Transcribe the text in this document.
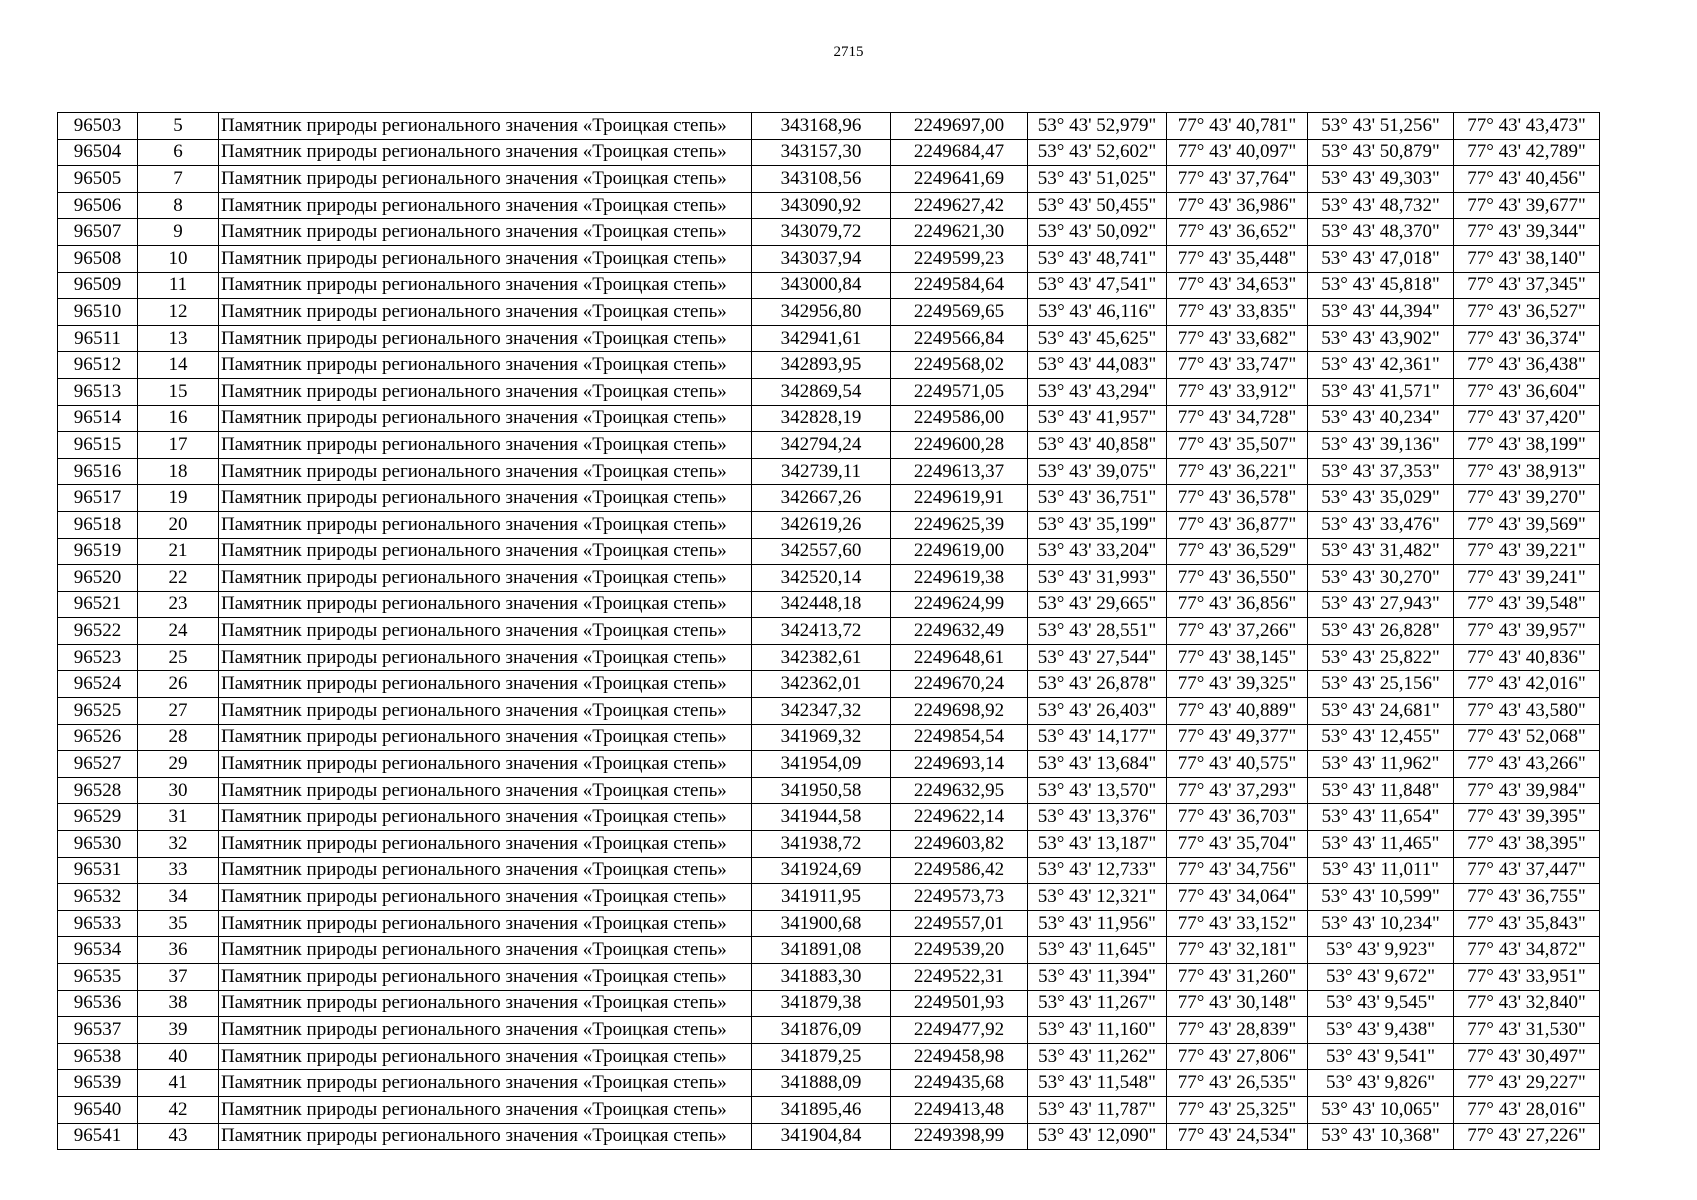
2715
96503	5	Памятник природы регионального значения «Троицкая степь»	343168,96	2249697,00	53° 43' 52,979"	77° 43' 40,781"	53° 43' 51,256"	77° 43' 43,473"
96504	6	Памятник природы регионального значения «Троицкая степь»	343157,30	2249684,47	53° 43' 52,602"	77° 43' 40,097"	53° 43' 50,879"	77° 43' 42,789"
96505	7	Памятник природы регионального значения «Троицкая степь»	343108,56	2249641,69	53° 43' 51,025"	77° 43' 37,764"	53° 43' 49,303"	77° 43' 40,456"
96506	8	Памятник природы регионального значения «Троицкая степь»	343090,92	2249627,42	53° 43' 50,455"	77° 43' 36,986"	53° 43' 48,732"	77° 43' 39,677"
96507	9	Памятник природы регионального значения «Троицкая степь»	343079,72	2249621,30	53° 43' 50,092"	77° 43' 36,652"	53° 43' 48,370"	77° 43' 39,344"
96508	10	Памятник природы регионального значения «Троицкая степь»	343037,94	2249599,23	53° 43' 48,741"	77° 43' 35,448"	53° 43' 47,018"	77° 43' 38,140"
96509	11	Памятник природы регионального значения «Троицкая степь»	343000,84	2249584,64	53° 43' 47,541"	77° 43' 34,653"	53° 43' 45,818"	77° 43' 37,345"
96510	12	Памятник природы регионального значения «Троицкая степь»	342956,80	2249569,65	53° 43' 46,116"	77° 43' 33,835"	53° 43' 44,394"	77° 43' 36,527"
96511	13	Памятник природы регионального значения «Троицкая степь»	342941,61	2249566,84	53° 43' 45,625"	77° 43' 33,682"	53° 43' 43,902"	77° 43' 36,374"
96512	14	Памятник природы регионального значения «Троицкая степь»	342893,95	2249568,02	53° 43' 44,083"	77° 43' 33,747"	53° 43' 42,361"	77° 43' 36,438"
96513	15	Памятник природы регионального значения «Троицкая степь»	342869,54	2249571,05	53° 43' 43,294"	77° 43' 33,912"	53° 43' 41,571"	77° 43' 36,604"
96514	16	Памятник природы регионального значения «Троицкая степь»	342828,19	2249586,00	53° 43' 41,957"	77° 43' 34,728"	53° 43' 40,234"	77° 43' 37,420"
96515	17	Памятник природы регионального значения «Троицкая степь»	342794,24	2249600,28	53° 43' 40,858"	77° 43' 35,507"	53° 43' 39,136"	77° 43' 38,199"
96516	18	Памятник природы регионального значения «Троицкая степь»	342739,11	2249613,37	53° 43' 39,075"	77° 43' 36,221"	53° 43' 37,353"	77° 43' 38,913"
96517	19	Памятник природы регионального значения «Троицкая степь»	342667,26	2249619,91	53° 43' 36,751"	77° 43' 36,578"	53° 43' 35,029"	77° 43' 39,270"
96518	20	Памятник природы регионального значения «Троицкая степь»	342619,26	2249625,39	53° 43' 35,199"	77° 43' 36,877"	53° 43' 33,476"	77° 43' 39,569"
96519	21	Памятник природы регионального значения «Троицкая степь»	342557,60	2249619,00	53° 43' 33,204"	77° 43' 36,529"	53° 43' 31,482"	77° 43' 39,221"
96520	22	Памятник природы регионального значения «Троицкая степь»	342520,14	2249619,38	53° 43' 31,993"	77° 43' 36,550"	53° 43' 30,270"	77° 43' 39,241"
96521	23	Памятник природы регионального значения «Троицкая степь»	342448,18	2249624,99	53° 43' 29,665"	77° 43' 36,856"	53° 43' 27,943"	77° 43' 39,548"
96522	24	Памятник природы регионального значения «Троицкая степь»	342413,72	2249632,49	53° 43' 28,551"	77° 43' 37,266"	53° 43' 26,828"	77° 43' 39,957"
96523	25	Памятник природы регионального значения «Троицкая степь»	342382,61	2249648,61	53° 43' 27,544"	77° 43' 38,145"	53° 43' 25,822"	77° 43' 40,836"
96524	26	Памятник природы регионального значения «Троицкая степь»	342362,01	2249670,24	53° 43' 26,878"	77° 43' 39,325"	53° 43' 25,156"	77° 43' 42,016"
96525	27	Памятник природы регионального значения «Троицкая степь»	342347,32	2249698,92	53° 43' 26,403"	77° 43' 40,889"	53° 43' 24,681"	77° 43' 43,580"
96526	28	Памятник природы регионального значения «Троицкая степь»	341969,32	2249854,54	53° 43' 14,177"	77° 43' 49,377"	53° 43' 12,455"	77° 43' 52,068"
96527	29	Памятник природы регионального значения «Троицкая степь»	341954,09	2249693,14	53° 43' 13,684"	77° 43' 40,575"	53° 43' 11,962"	77° 43' 43,266"
96528	30	Памятник природы регионального значения «Троицкая степь»	341950,58	2249632,95	53° 43' 13,570"	77° 43' 37,293"	53° 43' 11,848"	77° 43' 39,984"
96529	31	Памятник природы регионального значения «Троицкая степь»	341944,58	2249622,14	53° 43' 13,376"	77° 43' 36,703"	53° 43' 11,654"	77° 43' 39,395"
96530	32	Памятник природы регионального значения «Троицкая степь»	341938,72	2249603,82	53° 43' 13,187"	77° 43' 35,704"	53° 43' 11,465"	77° 43' 38,395"
96531	33	Памятник природы регионального значения «Троицкая степь»	341924,69	2249586,42	53° 43' 12,733"	77° 43' 34,756"	53° 43' 11,011"	77° 43' 37,447"
96532	34	Памятник природы регионального значения «Троицкая степь»	341911,95	2249573,73	53° 43' 12,321"	77° 43' 34,064"	53° 43' 10,599"	77° 43' 36,755"
96533	35	Памятник природы регионального значения «Троицкая степь»	341900,68	2249557,01	53° 43' 11,956"	77° 43' 33,152"	53° 43' 10,234"	77° 43' 35,843"
96534	36	Памятник природы регионального значения «Троицкая степь»	341891,08	2249539,20	53° 43' 11,645"	77° 43' 32,181"	53° 43' 9,923"	77° 43' 34,872"
96535	37	Памятник природы регионального значения «Троицкая степь»	341883,30	2249522,31	53° 43' 11,394"	77° 43' 31,260"	53° 43' 9,672"	77° 43' 33,951"
96536	38	Памятник природы регионального значения «Троицкая степь»	341879,38	2249501,93	53° 43' 11,267"	77° 43' 30,148"	53° 43' 9,545"	77° 43' 32,840"
96537	39	Памятник природы регионального значения «Троицкая степь»	341876,09	2249477,92	53° 43' 11,160"	77° 43' 28,839"	53° 43' 9,438"	77° 43' 31,530"
96538	40	Памятник природы регионального значения «Троицкая степь»	341879,25	2249458,98	53° 43' 11,262"	77° 43' 27,806"	53° 43' 9,541"	77° 43' 30,497"
96539	41	Памятник природы регионального значения «Троицкая степь»	341888,09	2249435,68	53° 43' 11,548"	77° 43' 26,535"	53° 43' 9,826"	77° 43' 29,227"
96540	42	Памятник природы регионального значения «Троицкая степь»	341895,46	2249413,48	53° 43' 11,787"	77° 43' 25,325"	53° 43' 10,065"	77° 43' 28,016"
96541	43	Памятник природы регионального значения «Троицкая степь»	341904,84	2249398,99	53° 43' 12,090"	77° 43' 24,534"	53° 43' 10,368"	77° 43' 27,226"
